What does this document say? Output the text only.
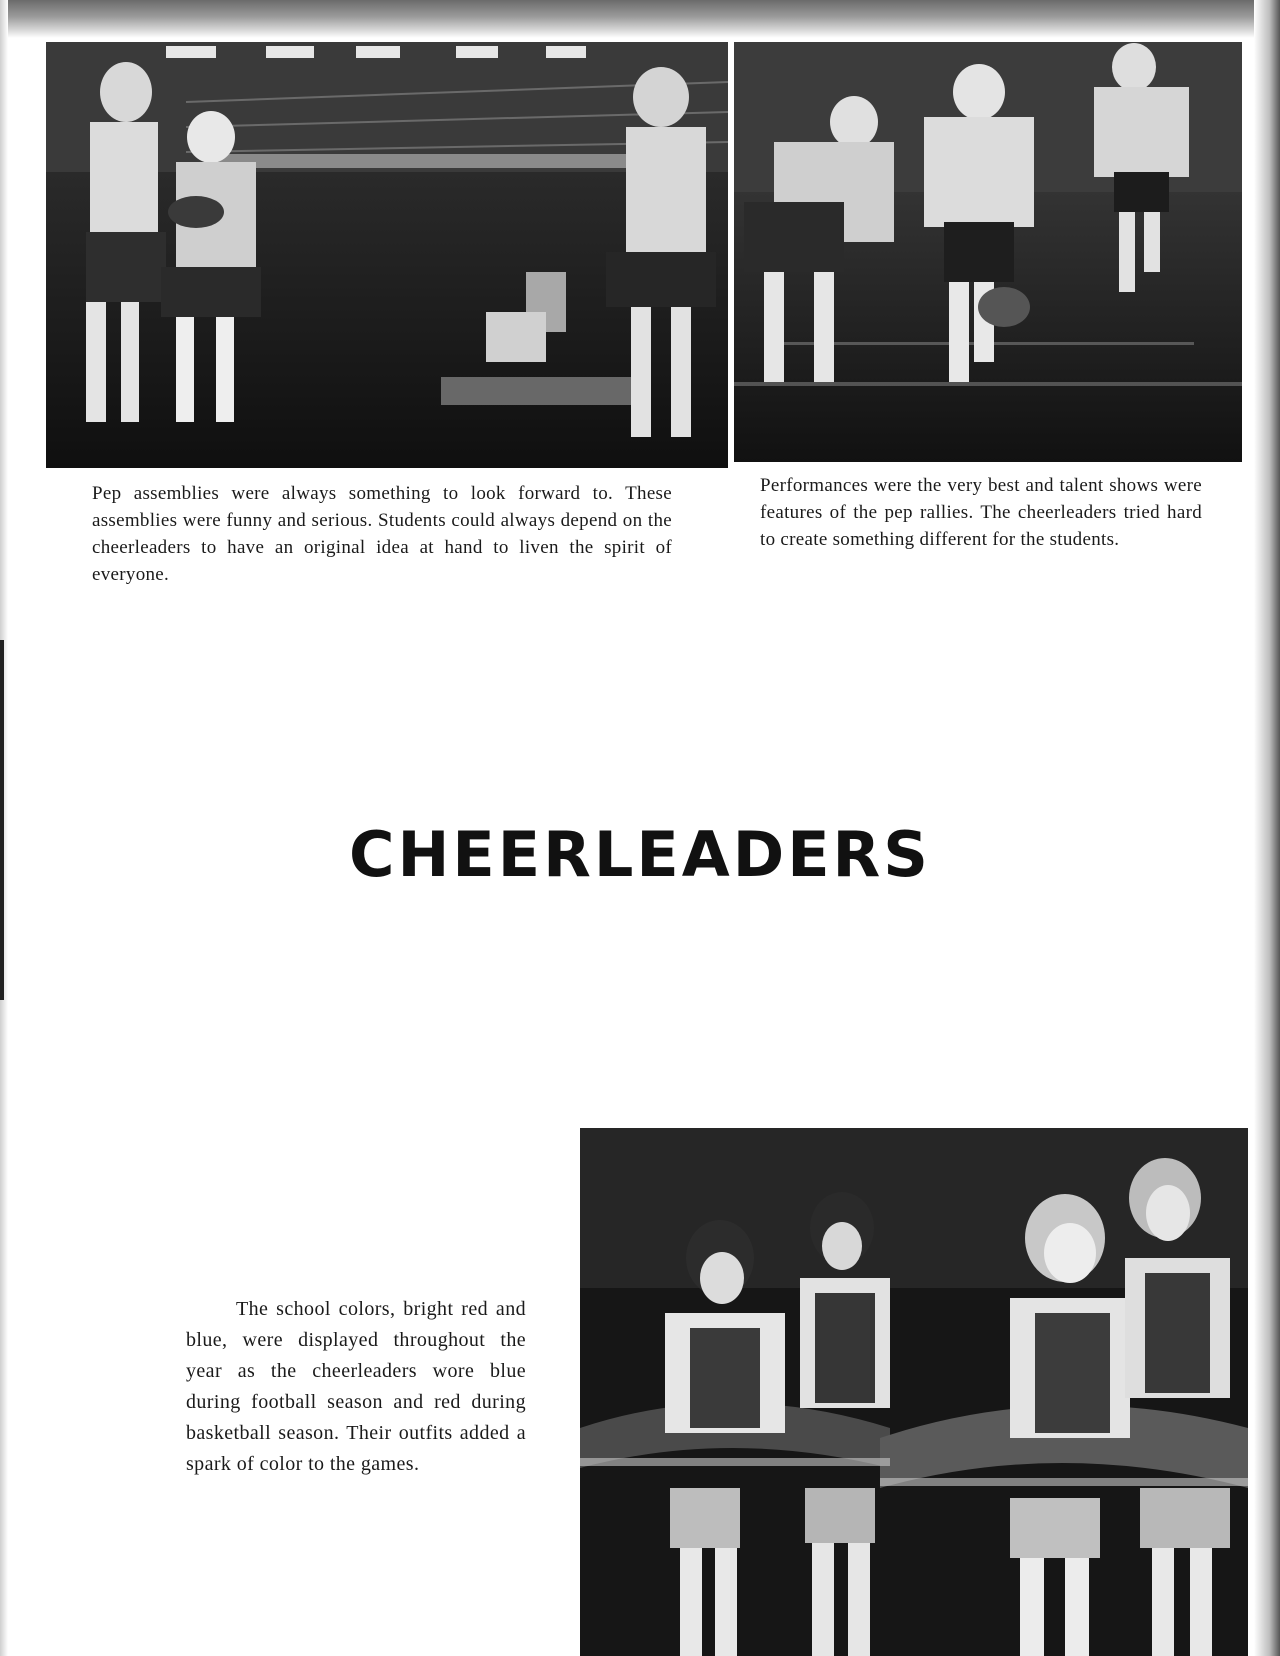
Pep assemblies were always something to look forward to. These assemblies were funny and serious. Students could always depend on the cheerleaders to have an original idea at hand to liven the spirit of everyone.

Performances were the very best and talent shows were features of the pep rallies. The cheerleaders tried hard to create something different for the students.

CHEERLEADERS

The school colors, bright red and blue, were displayed throughout the year as the cheerleaders wore blue during football season and red during basketball season. Their outfits added a spark of color to the games.
